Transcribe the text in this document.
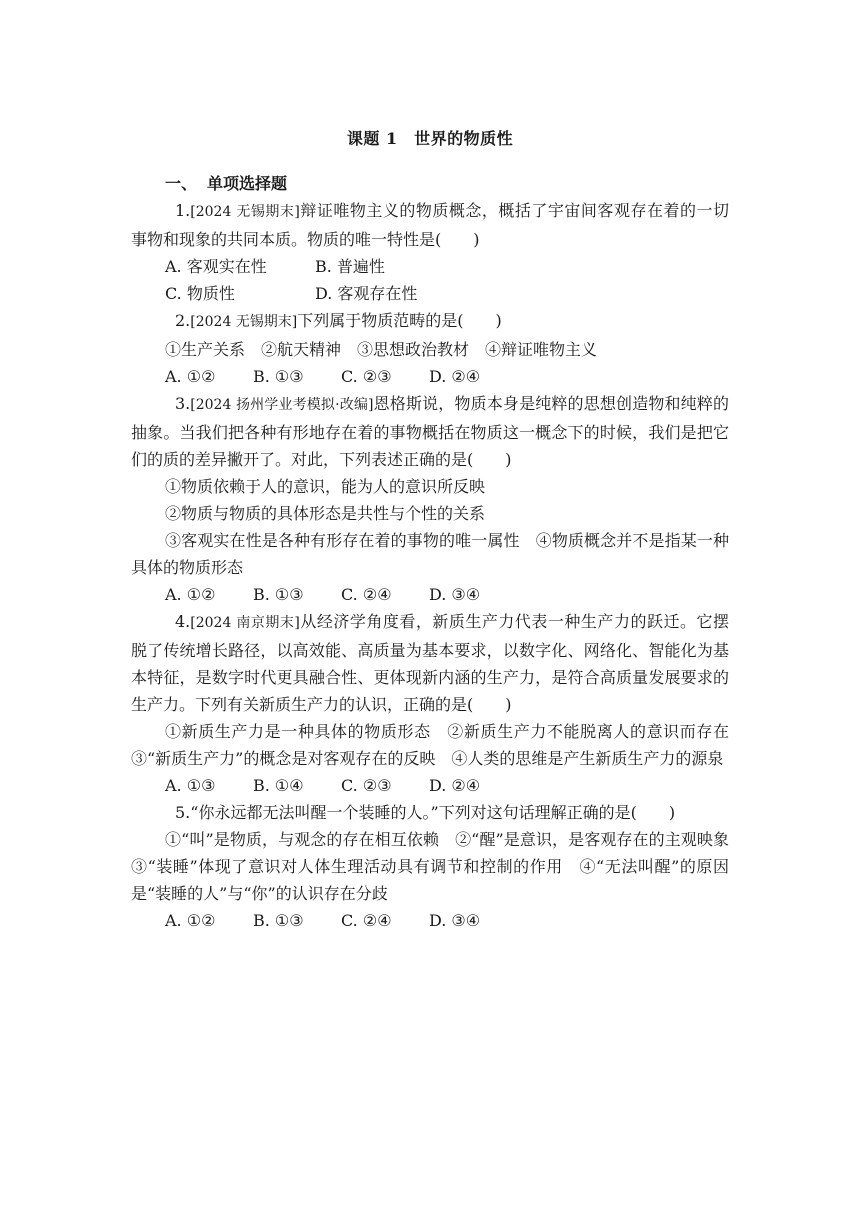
课题 1　世界的物质性
一、 单项选择题

1.[2024 无锡期末]辩证唯物主义的物质概念，概括了宇宙间客观存在着的一切事物和现象的共同本质。物质的唯一特性是(　　)

A. 客观实在性	B. 普遍性

C. 物质性	D. 客观存在性

2.[2024 无锡期末]下列属于物质范畴的是(　　)

①生产关系　②航天精神　③思想政治教材　④辩证唯物主义

A. ①② B. ①③ C. ②③ D. ②④

3.[2024 扬州学业考模拟·改编]恩格斯说，物质本身是纯粹的思想创造物和纯粹的抽象。当我们把各种有形地存在着的事物概括在物质这一概念下的时候，我们是把它们的质的差异撇开了。对此，下列表述正确的是(　　)

①物质依赖于人的意识，能为人的意识所反映

②物质与物质的具体形态是共性与个性的关系

③客观实在性是各种有形存在着的事物的唯一属性　④物质概念并不是指某一种具体的物质形态

A. ①② B. ①③ C. ②④ D. ③④

4.[2024 南京期末]从经济学角度看，新质生产力代表一种生产力的跃迁。它摆脱了传统增长路径，以高效能、高质量为基本要求，以数字化、网络化、智能化为基本特征，是数字时代更具融合性、更体现新内涵的生产力，是符合高质量发展要求的生产力。下列有关新质生产力的认识，正确的是(　　)

①新质生产力是一种具体的物质形态　②新质生产力不能脱离人的意识而存在　③“新质生产力”的概念是对客观存在的反映　④人类的思维是产生新质生产力的源泉

A. ①③ B. ①④ C. ②③ D. ②④

5.“你永远都无法叫醒一个装睡的人。”下列对这句话理解正确的是(　　)

①“叫”是物质，与观念的存在相互依赖　②“醒”是意识，是客观存在的主观映象　③“装睡”体现了意识对人体生理活动具有调节和控制的作用　④“无法叫醒”的原因是“装睡的人”与“你”的认识存在分歧

A. ①② B. ①③ C. ②④ D. ③④
